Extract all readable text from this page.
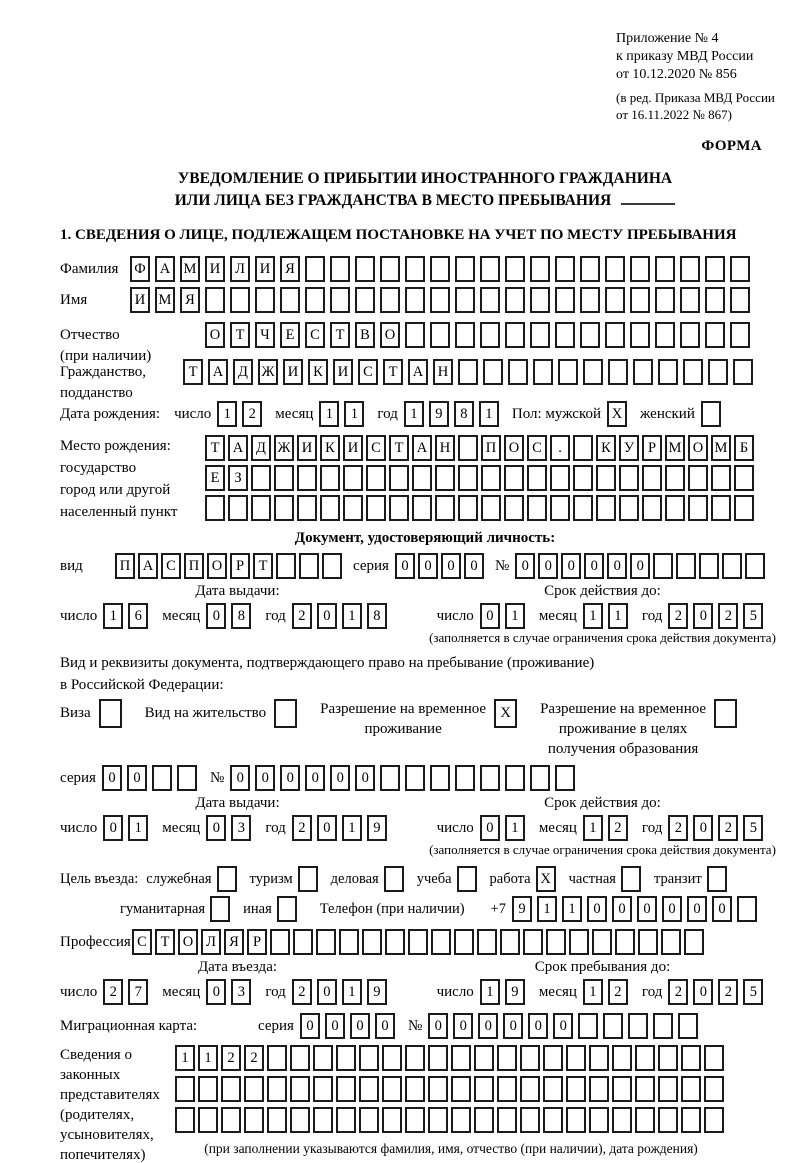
Приложение № 4
к приказу МВД России
от 10.12.2020 № 856
(в ред. Приказа МВД России
от 16.11.2022 № 867)
ФОРМА
УВЕДОМЛЕНИЕ О ПРИБЫТИИ ИНОСТРАННОГО ГРАЖДАНИНА
ИЛИ ЛИЦА БЕЗ ГРАЖДАНСТВА В МЕСТО ПРЕБЫВАНИЯ
1. СВЕДЕНИЯ О ЛИЦЕ, ПОДЛЕЖАЩЕМ ПОСТАНОВКЕ НА УЧЕТ ПО МЕСТУ ПРЕБЫВАНИЯ
Фамилия	Ф А М И	Л	И	Я
Имя	И М Я
Отчество
(при наличии)
О	Т	Ч	Е	С	Т	В	О
Гражданство,
подданство
Т	А	Д Ж И	К	И	С	Т	А	Н
Дата рождения: число 1	2	месяц 1	1	год 1	9	8	1	Пол: мужской X	женский
Место рождения:
государство
город или другой
населенный пункт
Т А Д Ж И К И С Т А Н	П О С	.	К У Р М О М Б
Е	З
Документ, удостоверяющий личность:
вид	П А С П О Р	Т	серия 0	0	0	0	№ 0	0	0	0	0	0
Дата выдачи:
число 1	6	месяц 0	8	год 2	0	1	8
Срок действия до:
число 0	1	месяц 1	1	год 2	0	2	5
(заполняется в случае ограничения срока действия документа)
Вид и реквизиты документа, подтверждающего право на пребывание (проживание)
в Российской Федерации:
Виза	Вид на жительство	Разрешение на временное
проживание
X	Разрешение на временное
проживание в целях
получения образования
серия 0	0	№ 0	0	0	0	0	0
Дата выдачи:
число 0	1	месяц 0	3	год 2	0	1	9
Срок действия до:
число 0	1	месяц 1	2	год 2	0	2	5
(заполняется в случае ограничения срока действия документа)
Цель въезда: служебная	туризм	деловая	учеба	работа X	частная	транзит
гуманитарная	иная	Телефон (при наличии) +7 9	1	1	0	0	0	0	0	0
Профессия С Т О Л Я Р
Дата въезда:
число 2	7	месяц 0	3	год 2	0	1	9
Срок пребывания до:
число 1	9	месяц 1	2	год 2	0	2	5
Миграционная карта:	серия 0	0	0	0	№ 0	0	0	0	0	0
Сведения о
законных
представителях
(родителях,
усыновителях,
попечителях)
1	1	2	2
(при заполнении указываются фамилия, имя, отчество (при наличии), дата рождения)
